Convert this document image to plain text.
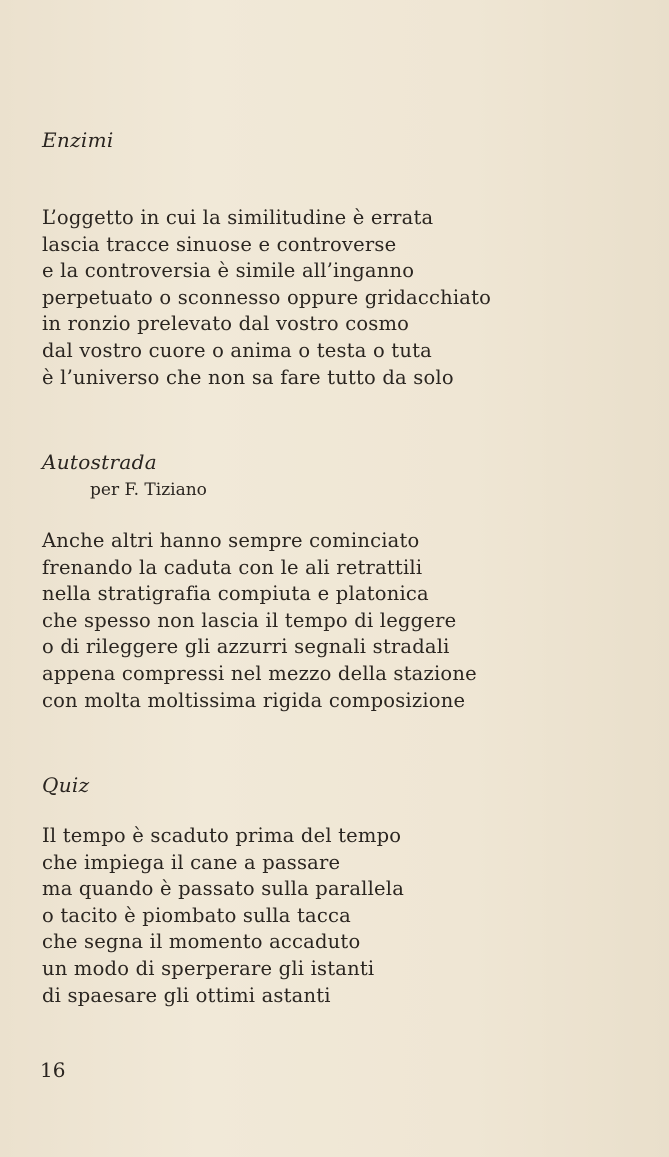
Enzimi
L’oggetto in cui la similitudine è errata
lascia tracce sinuose e controverse
e la controversia è simile all’inganno
perpetuato o sconnesso oppure gridacchiato
in ronzio prelevato dal vostro cosmo
dal vostro cuore o anima o testa o tuta
è l’universo che non sa fare tutto da solo
Autostrada

per F. Tiziano

Anche altri hanno sempre cominciato
frenando la caduta con le ali retrattili
nella stratigrafia compiuta e platonica
che spesso non lascia il tempo di leggere
o di rileggere gli azzurri segnali stradali
appena compressi nel mezzo della stazione
con molta moltissima rigida composizione
Quiz
Il tempo è scaduto prima del tempo
che impiega il cane a passare
ma quando è passato sulla parallela
o tacito è piombato sulla tacca
che segna il momento accaduto
un modo di sperperare gli istanti
di spaesare gli ottimi astanti

16
